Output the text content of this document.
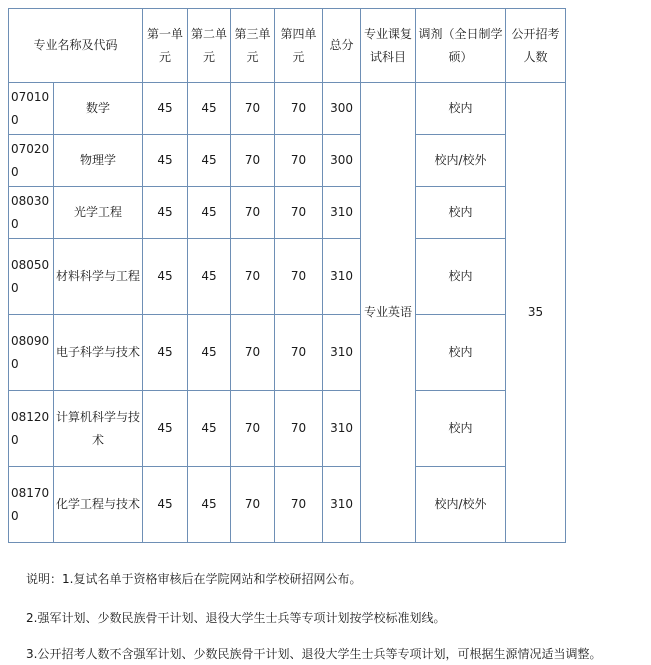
专业名称及代码		第一单元	第二单元	第三单元	第四单元	总分	专业课复试科目	调剂（全日制学硕）	公开招考人数
070100	数学	45	45	70	70	300	专业英语	校内	35
070200	物理学	45	45	70	70	300		校内/校外	
080300	光学工程	45	45	70	70	310		校内	
080500	材料科学与工程	45	45	70	70	310		校内	
080900	电子科学与技术	45	45	70	70	310		校内	
081200	计算机科学与技术	45	45	70	70	310		校内	
081700	化学工程与技术	45	45	70	70	310		校内/校外	

说明：1.复试名单于资格审核后在学院网站和学校研招网公布。

2.强军计划、少数民族骨干计划、退役大学生士兵等专项计划按学校标准划线。

3.公开招考人数不含强军计划、少数民族骨干计划、退役大学生士兵等专项计划，可根据生源情况适当调整。
